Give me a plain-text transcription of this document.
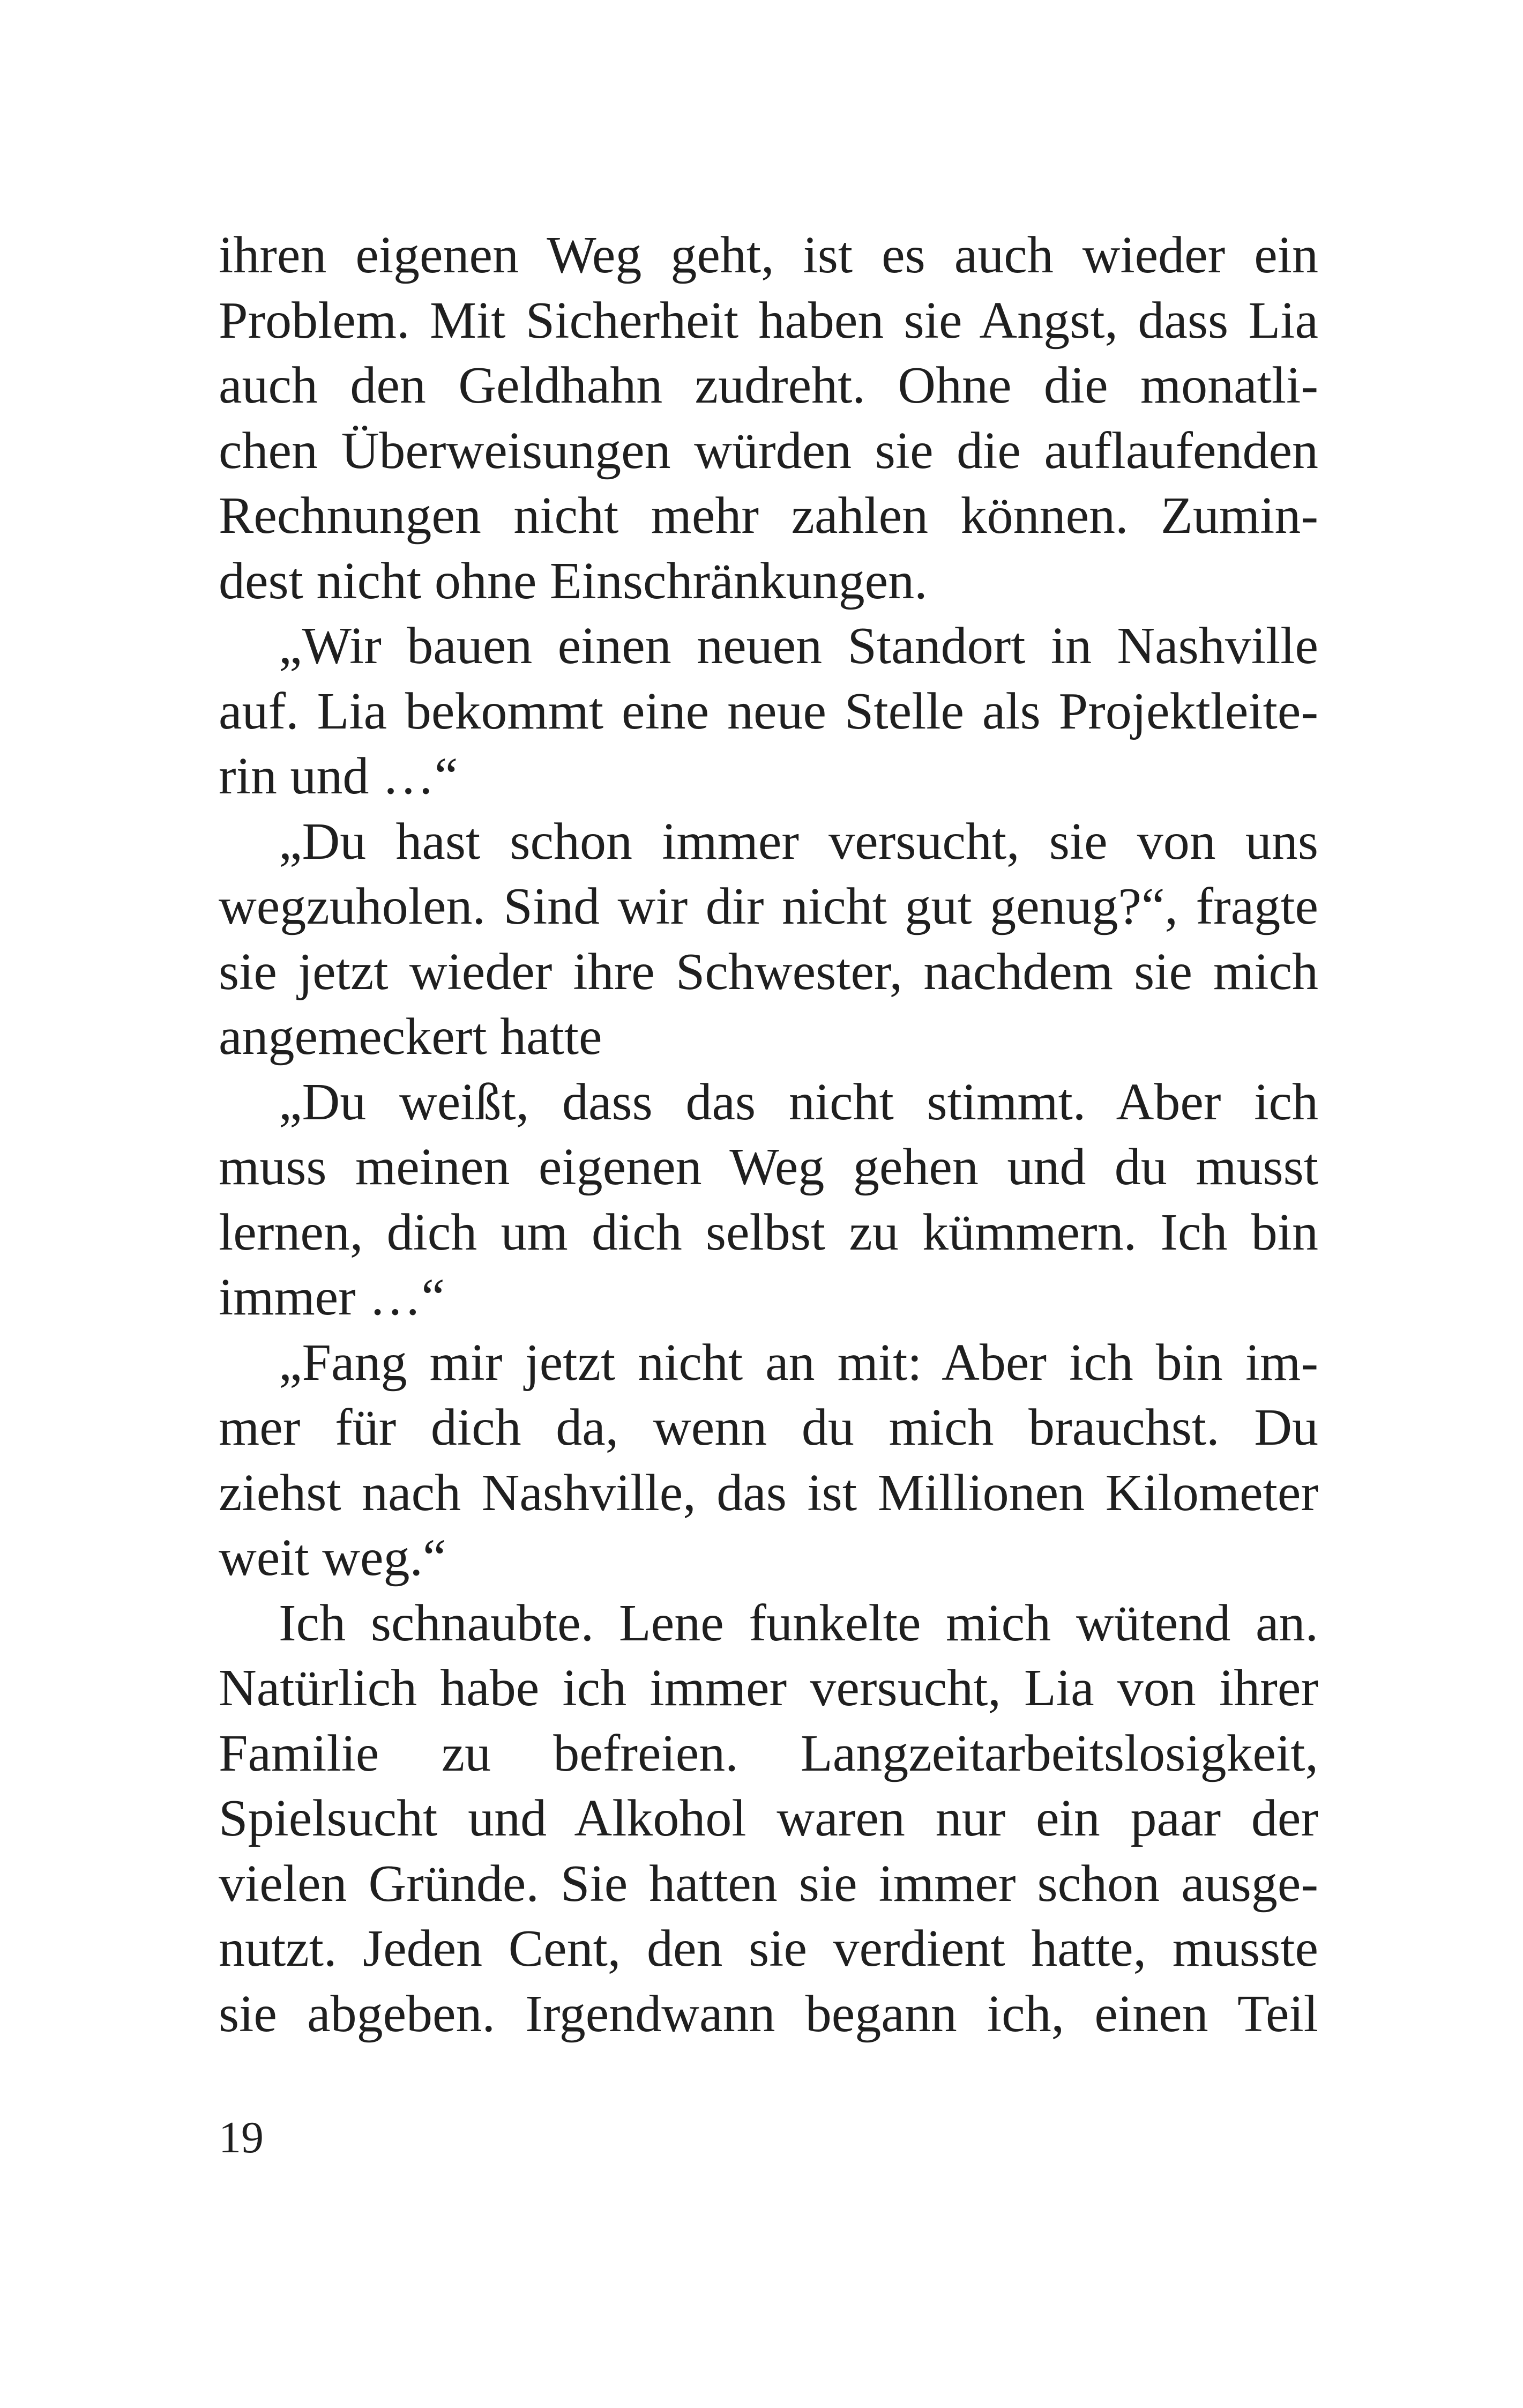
ihren eigenen Weg geht, ist es auch wieder ein
Problem. Mit Sicherheit haben sie Angst, dass Lia
auch den Geldhahn zudreht. Ohne die monatli-
chen Überweisungen würden sie die auflaufenden
Rechnungen nicht mehr zahlen können. Zumin-
dest nicht ohne Einschränkungen.
„Wir bauen einen neuen Standort in Nashville
auf. Lia bekommt eine neue Stelle als Projektleite-
rin und …“
„Du hast schon immer versucht, sie von uns
wegzuholen. Sind wir dir nicht gut genug?“, fragte
sie jetzt wieder ihre Schwester, nachdem sie mich
angemeckert hatte
„Du weißt, dass das nicht stimmt. Aber ich
muss meinen eigenen Weg gehen und du musst
lernen, dich um dich selbst zu kümmern. Ich bin
immer …“
„Fang mir jetzt nicht an mit: Aber ich bin im-
mer für dich da, wenn du mich brauchst. Du
ziehst nach Nashville, das ist Millionen Kilometer
weit weg.“
Ich schnaubte. Lene funkelte mich wütend an.
Natürlich habe ich immer versucht, Lia von ihrer
Familie zu befreien. Langzeitarbeitslosigkeit,
Spielsucht und Alkohol waren nur ein paar der
vielen Gründe. Sie hatten sie immer schon ausge-
nutzt. Jeden Cent, den sie verdient hatte, musste
sie abgeben. Irgendwann begann ich, einen Teil
19
